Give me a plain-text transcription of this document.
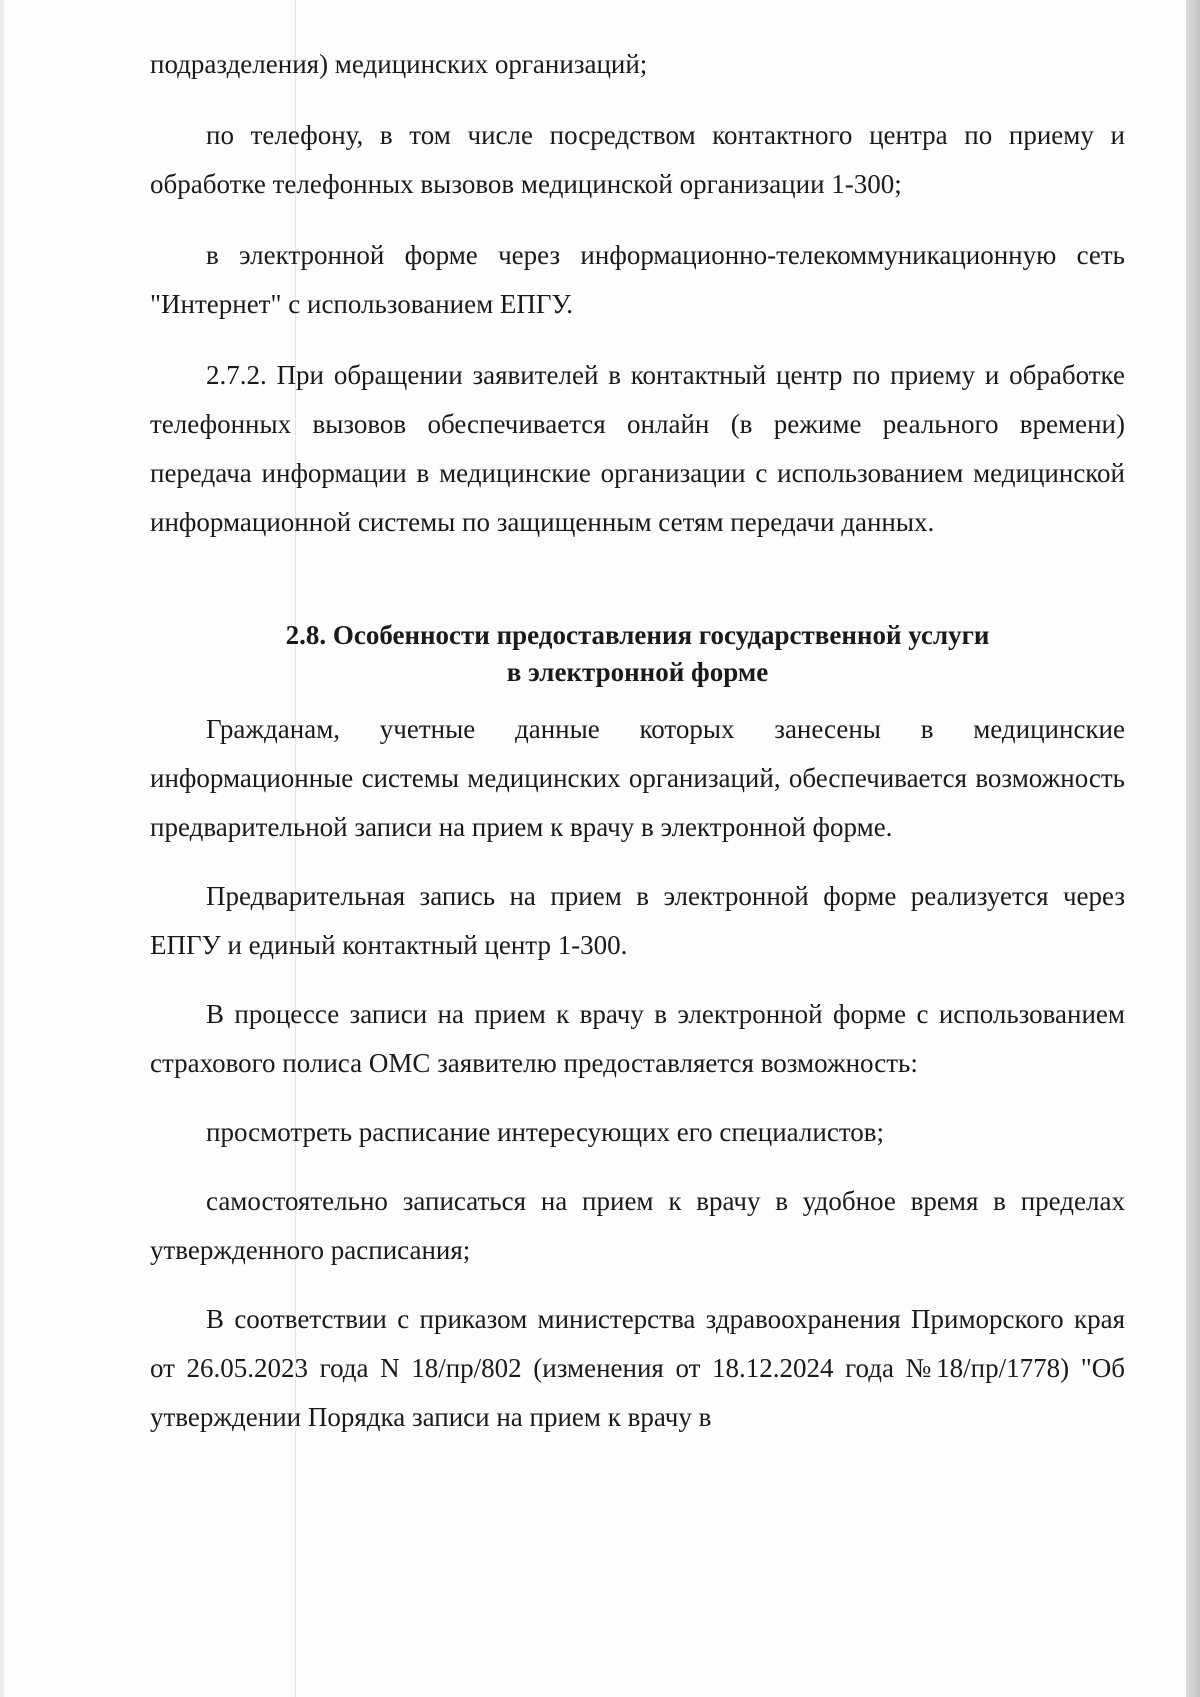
подразделения) медицинских организаций;

по телефону, в том числе посредством контактного центра по приему и обработке телефонных вызовов медицинской организации 1-300;

в электронной форме через информационно-телекоммуникационную сеть "Интернет" с использованием ЕПГУ.

2.7.2. При обращении заявителей в контактный центр по приему и обработке телефонных вызовов обеспечивается онлайн (в режиме реального времени) передача информации в медицинские организации с использованием медицинской информационной системы по защищенным сетям передачи данных.

2.8. Особенности предоставления государственной услуги
в электронной форме

Гражданам, учетные данные которых занесены в медицинские информационные системы медицинских организаций, обеспечивается возможность предварительной записи на прием к врачу в электронной форме.

Предварительная запись на прием в электронной форме реализуется через ЕПГУ и единый контактный центр 1-300.

В процессе записи на прием к врачу в электронной форме с использованием страхового полиса ОМС заявителю предоставляется возможность:

просмотреть расписание интересующих его специалистов;

самостоятельно записаться на прием к врачу в удобное время в пределах утвержденного расписания;

В соответствии с приказом министерства здравоохранения Приморского края от 26.05.2023 года N 18/пр/802 (изменения от 18.12.2024 года №18/пр/1778) "Об утверждении Порядка записи на прием к врачу в
